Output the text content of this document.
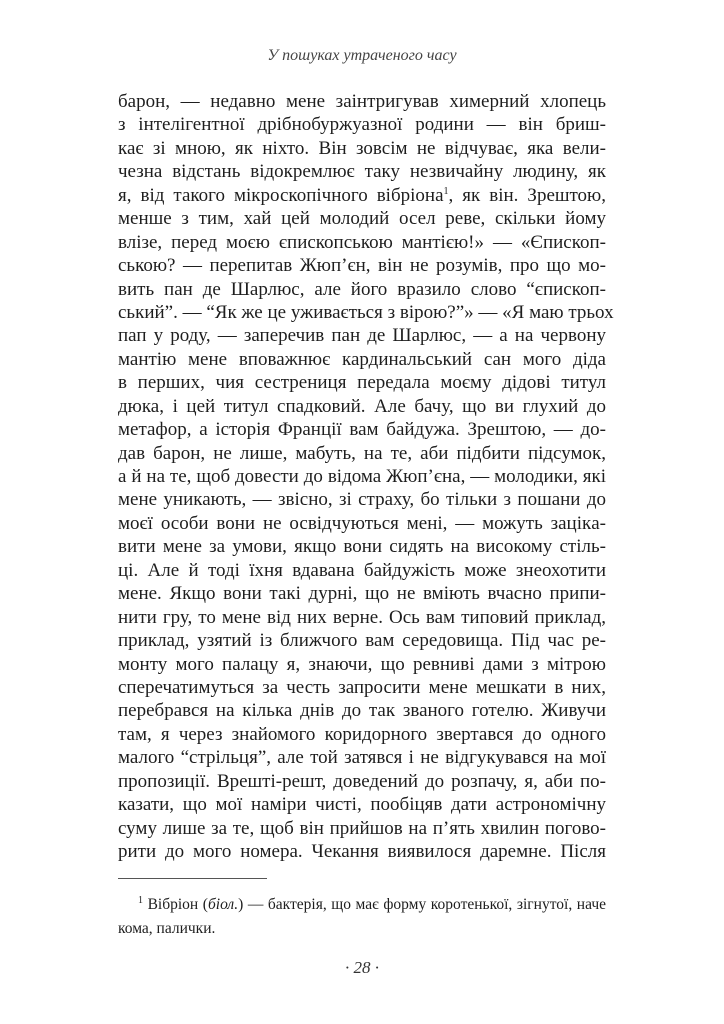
У пошуках утраченого часу
барон, — недавно мене заінтригував химерний хлопець
з інтелігентної дрібнобуржуазної родини — він бриш-
кає зі мною, як ніхто. Він зовсім не відчуває, яка вели-
чезна відстань відокремлює таку незвичайну людину, як
я, від такого мікроскопічного вібріона$^1$, як він. Зрештою,
менше з тим, хай цей молодий осел реве, скільки йому
влізе, перед моєю єпископською мантією!» — «Єпископ-
ською? — перепитав Жюп’єн, він не розумів, про що мо-
вить пан де Шарлюс, але його вразило слово “єпископ-
ський”. — “Як же це уживається з вірою?”» — «Я маю трьох
пап у роду, — заперечив пан де Шарлюс, — а на червону
мантію мене вповажнює кардинальський сан мого діда
в перших, чия сестрениця передала моєму дідові титул
дюка, і цей титул спадковий. Але бачу, що ви глухий до
метафор, а історія Франції вам байдужа. Зрештою, — до-
дав барон, не лише, мабуть, на те, аби підбити підсумок,
а й на те, щоб довести до відома Жюп’єна, — молодики, які
мене уникають, — звісно, зі страху, бо тільки з пошани до
моєї особи вони не освідчуються мені, — можуть зацікa-
вити мене за умови, якщо вони сидять на високому стіль-
ці. Але й тоді їхня вдавана байдужість може знеохотити
мене. Якщо вони такі дурні, що не вміють вчасно припи-
нити гру, то мене від них верне. Ось вам типовий приклад,
приклад, узятий із ближчого вам середовища. Під час ре-
монту мого палацу я, знаючи, що ревниві дами з мітрою
сперечатимуться за честь запросити мене мешкати в них,
перебрався на кілька днів до так званого готелю. Живучи
там, я через знайомого коридорного звертався до одного
малого “стрільця”, але той затявся і не відгукувався на мої
пропозиції. Врешті-решт, доведений до розпачу, я, аби по-
казати, що мої наміри чисті, пообіцяв дати астрономічну
суму лише за те, щоб він прийшов на п’ять хвилин погово-
рити до мого номера. Чекання виявилося даремне. Після
$^1$ Вібріон (біол.) — бактерія, що має форму коротенької, зігнутої, наче
кома, палички.
· 28 ·
